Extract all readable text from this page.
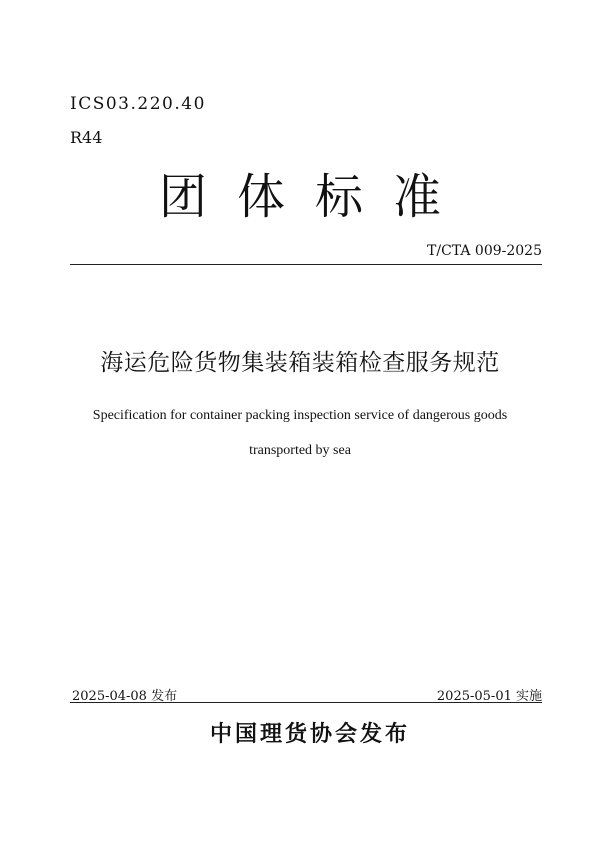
ICS03.220.40
R44
团体标准
T/CTA 009-2025
海运危险货物集装箱装箱检查服务规范
Specification for container packing inspection service of dangerous goods
transported by sea
2025-04-08 发布	2025-05-01 实施
中国理货协会发布
